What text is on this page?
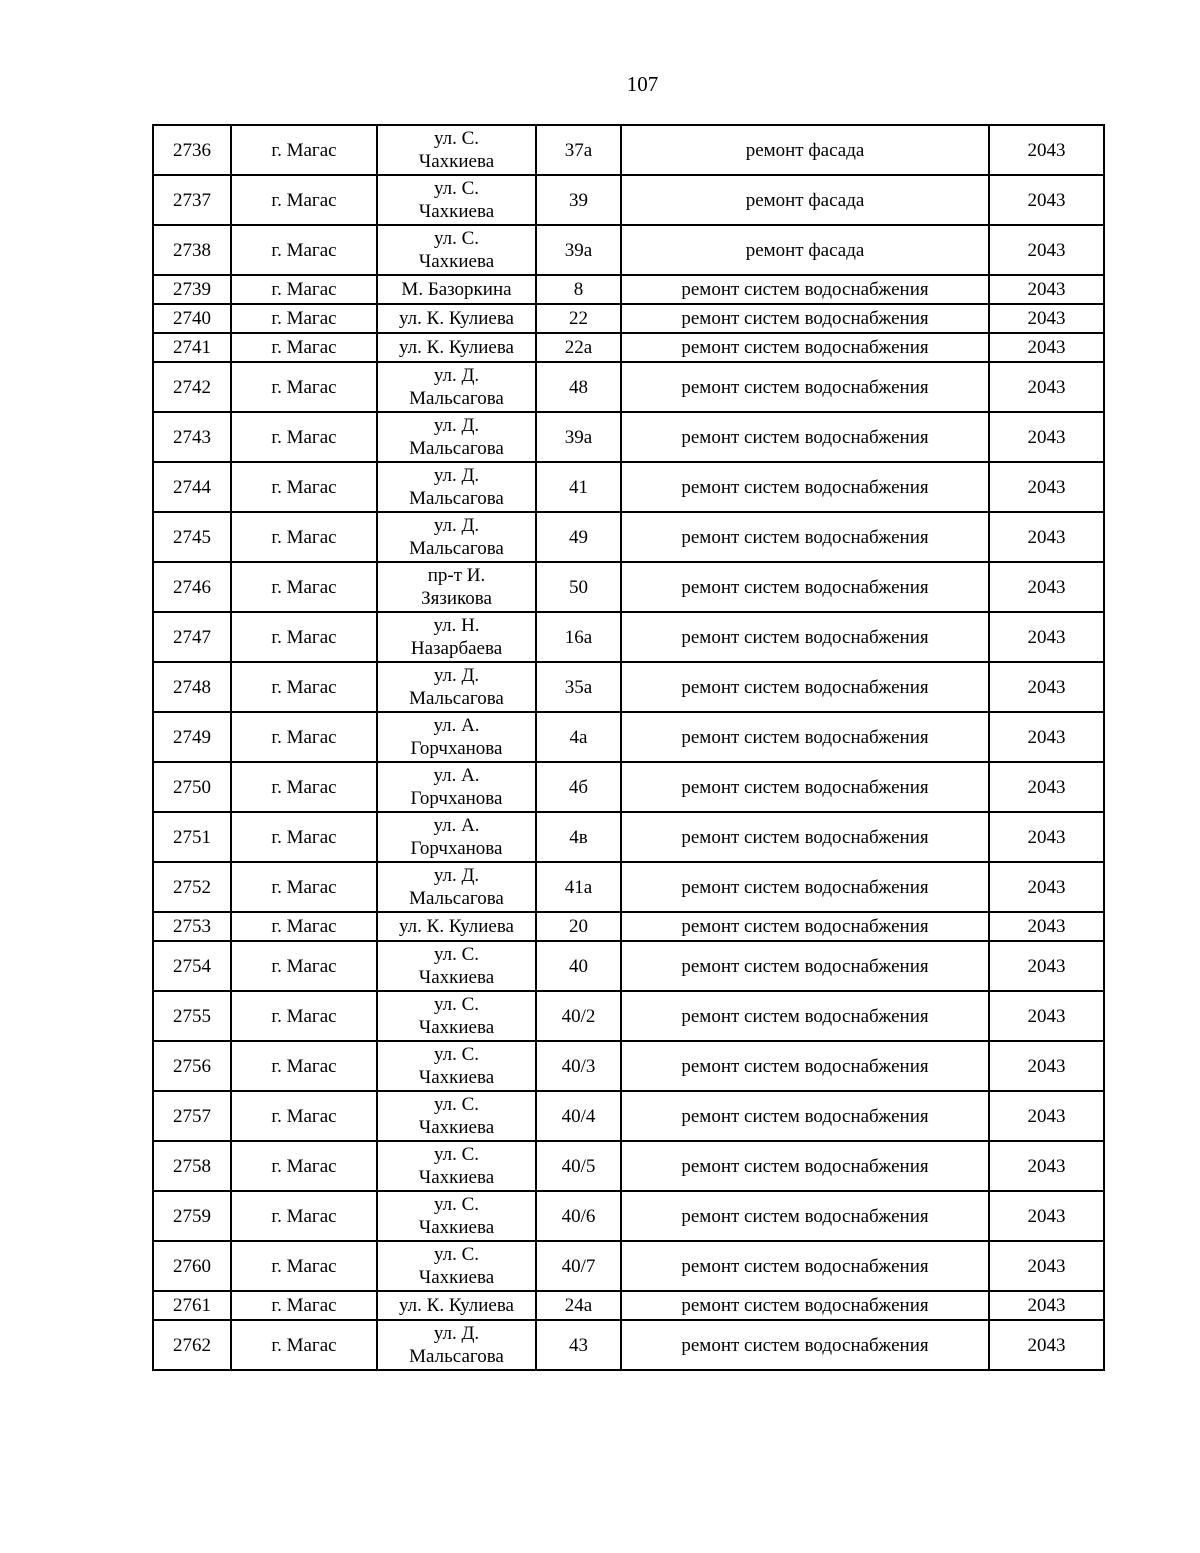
107
2736	г. Магас	ул. С.
Чахкиева	37а	ремонт фасада	2043
2737	г. Магас	ул. С.
Чахкиева	39	ремонт фасада	2043
2738	г. Магас	ул. С.
Чахкиева	39а	ремонт фасада	2043
2739	г. Магас	М. Базоркина	8	ремонт систем водоснабжения	2043
2740	г. Магас	ул. К. Кулиева	22	ремонт систем водоснабжения	2043
2741	г. Магас	ул. К. Кулиева	22а	ремонт систем водоснабжения	2043
2742	г. Магас	ул. Д.
Мальсагова	48	ремонт систем водоснабжения	2043
2743	г. Магас	ул. Д.
Мальсагова	39а	ремонт систем водоснабжения	2043
2744	г. Магас	ул. Д.
Мальсагова	41	ремонт систем водоснабжения	2043
2745	г. Магас	ул. Д.
Мальсагова	49	ремонт систем водоснабжения	2043
2746	г. Магас	пр-т И.
Зязикова	50	ремонт систем водоснабжения	2043
2747	г. Магас	ул. Н.
Назарбаева	16а	ремонт систем водоснабжения	2043
2748	г. Магас	ул. Д.
Мальсагова	35а	ремонт систем водоснабжения	2043
2749	г. Магас	ул. А.
Горчханова	4а	ремонт систем водоснабжения	2043
2750	г. Магас	ул. А.
Горчханова	4б	ремонт систем водоснабжения	2043
2751	г. Магас	ул. А.
Горчханова	4в	ремонт систем водоснабжения	2043
2752	г. Магас	ул. Д.
Мальсагова	41а	ремонт систем водоснабжения	2043
2753	г. Магас	ул. К. Кулиева	20	ремонт систем водоснабжения	2043
2754	г. Магас	ул. С.
Чахкиева	40	ремонт систем водоснабжения	2043
2755	г. Магас	ул. С.
Чахкиева	40/2	ремонт систем водоснабжения	2043
2756	г. Магас	ул. С.
Чахкиева	40/3	ремонт систем водоснабжения	2043
2757	г. Магас	ул. С.
Чахкиева	40/4	ремонт систем водоснабжения	2043
2758	г. Магас	ул. С.
Чахкиева	40/5	ремонт систем водоснабжения	2043
2759	г. Магас	ул. С.
Чахкиева	40/6	ремонт систем водоснабжения	2043
2760	г. Магас	ул. С.
Чахкиева	40/7	ремонт систем водоснабжения	2043
2761	г. Магас	ул. К. Кулиева	24а	ремонт систем водоснабжения	2043
2762	г. Магас	ул. Д.
Мальсагова	43	ремонт систем водоснабжения	2043
